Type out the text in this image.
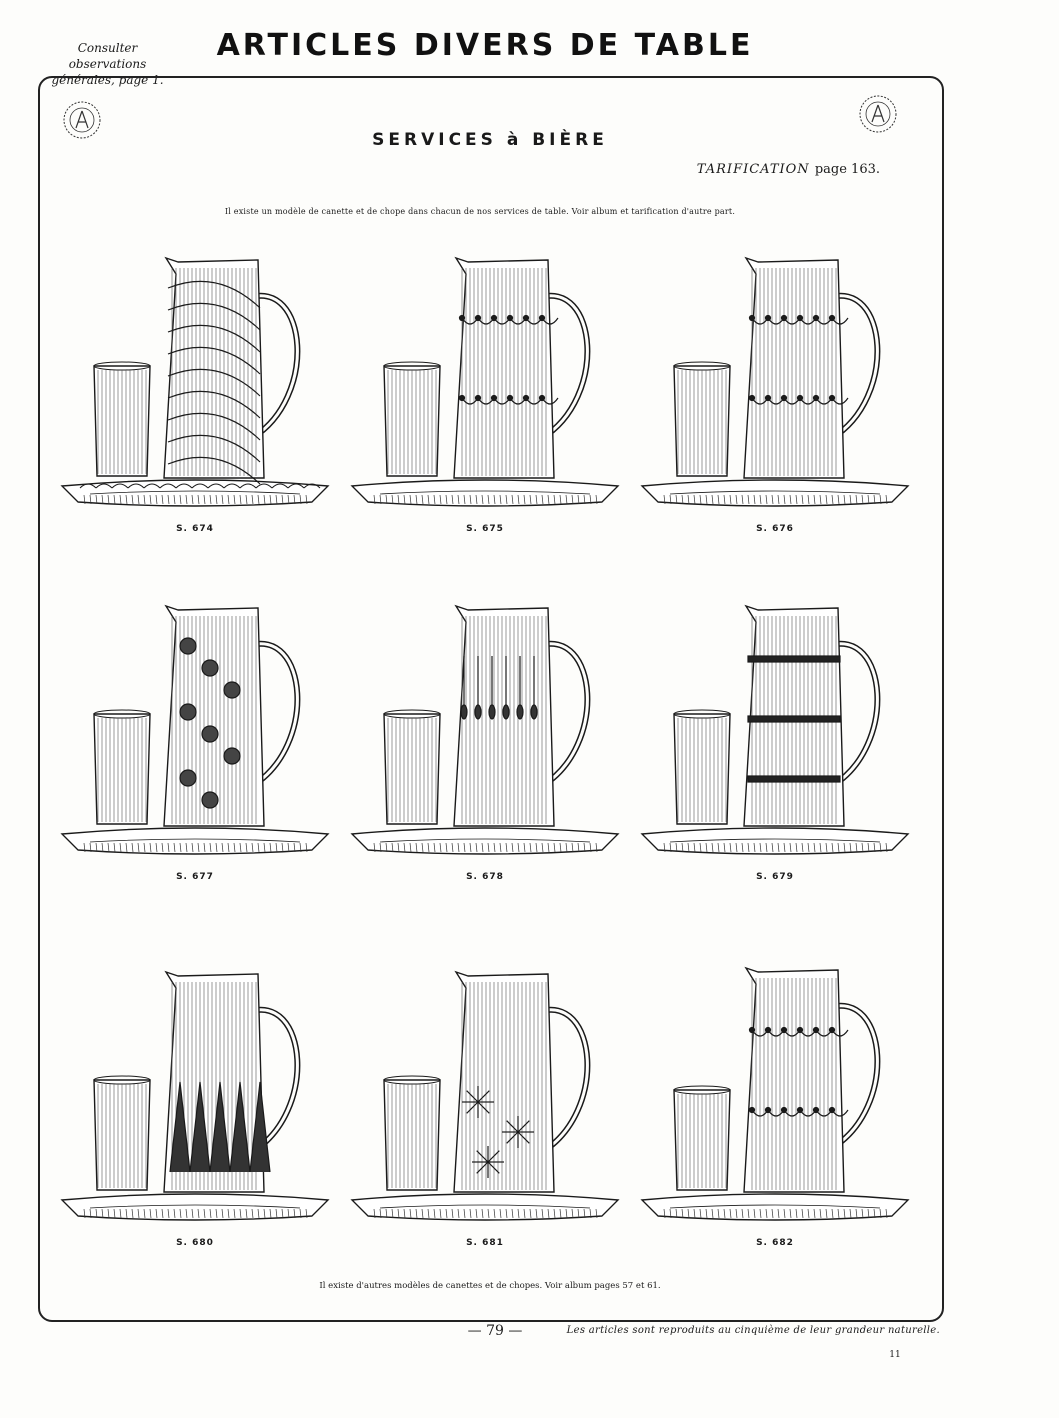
Consulter observations
générales, page 1.
ARTICLES DIVERS DE TABLE
SERVICES à BIÈRE
TARIFICATION page 163.
Il existe un modèle de canette et de chope dans chacun de nos services de table. Voir album et tarification d'autre part.
S. 674	S. 675	S. 676
S. 677	S. 678	S. 679
S. 680	S. 681	S. 682
Il existe d'autres modèles de canettes et de chopes. Voir album pages 57 et 61.
— 79 —	Les articles sont reproduits au cinquième de leur grandeur naturelle.
11
